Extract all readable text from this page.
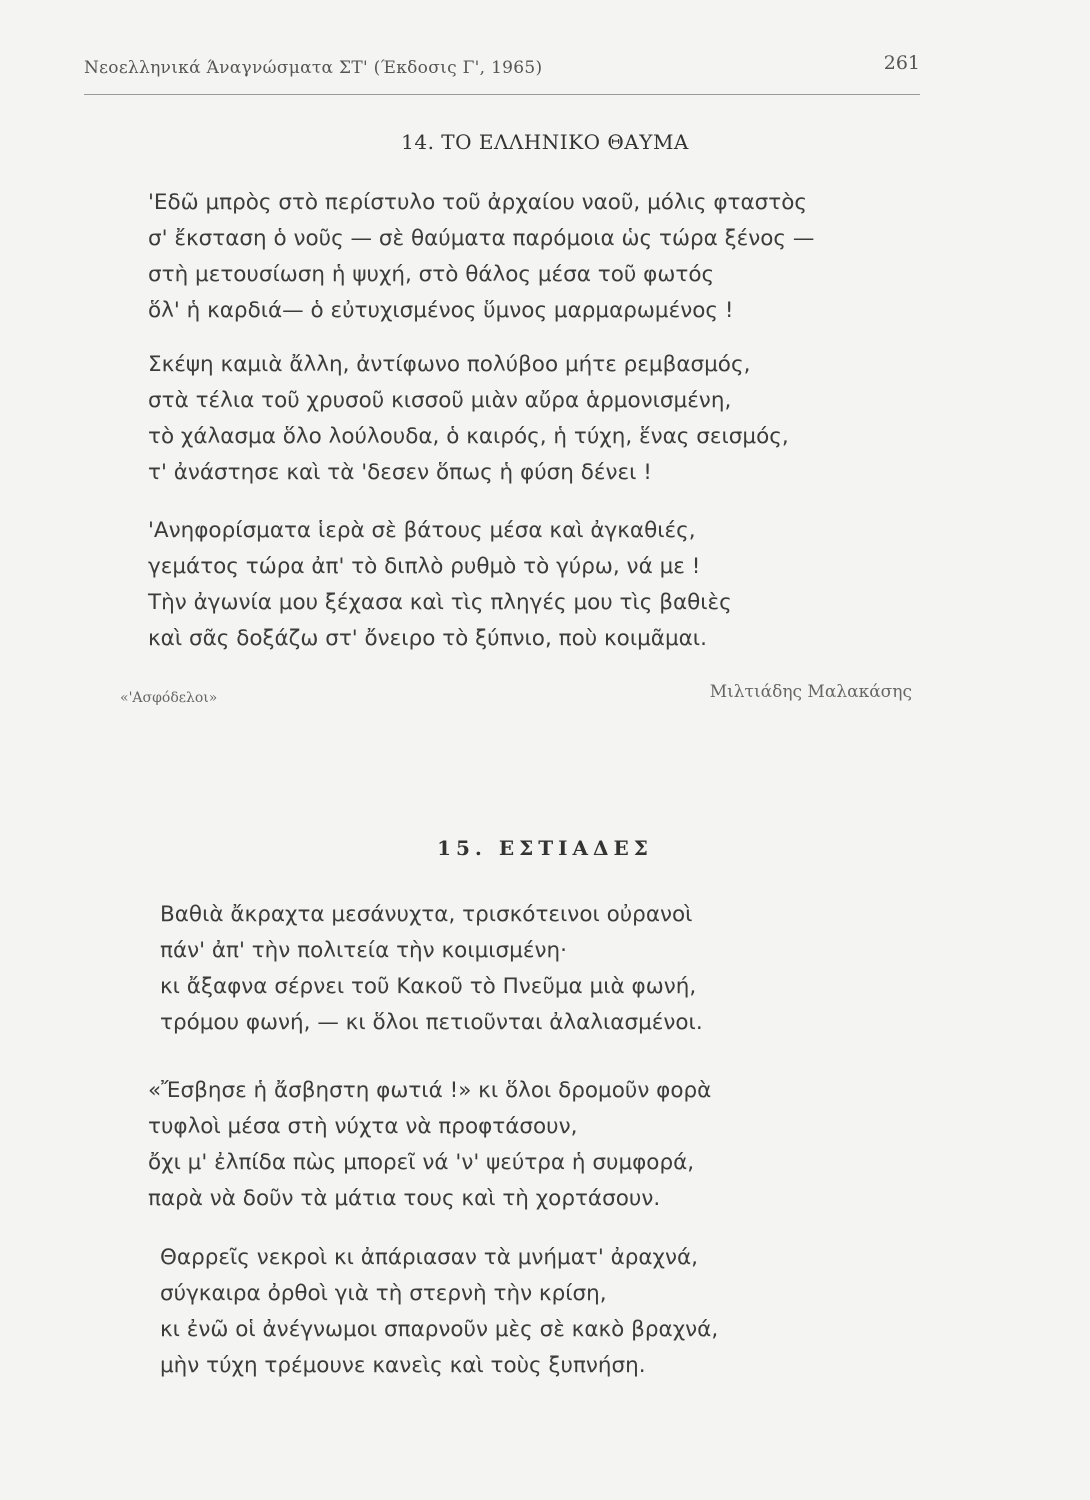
Νεοελληνικά Άναγνώσματα ΣΤ' (Έκδοσις Γ', 1965)	261
14. ΤΟ ΕΛΛΗΝΙΚΟ ΘΑΥΜΑ
'Εδῶ μπρὸς στὸ περίστυλο τοῦ ἀρχαίου ναοῦ, μόλις φταστὸς
σ' ἔκσταση ὁ νοῦς — σὲ θαύματα παρόμοια ὡς τώρα ξένος —
στὴ μετουσίωση ἡ ψυχή, στὸ θάλος μέσα τοῦ φωτός
ὅλ' ἡ καρδιά— ὁ εὐτυχισμένος ὕμνος μαρμαρωμένος !
Σκέψη καμιὰ ἄλλη, ἀντίφωνο πολύβοο μήτε ρεμβασμός,
στὰ τέλια τοῦ χρυσοῦ κισσοῦ μιὰν αὔρα ἁρμονισμένη,
τὸ χάλασμα ὅλο λούλουδα, ὁ καιρός, ἡ τύχη, ἕνας σεισμός,
τ' ἀνάστησε καὶ τὰ 'δεσεν ὅπως ἡ φύση δένει !
'Ανηφορίσματα ἱερὰ σὲ βάτους μέσα καὶ ἀγκαθιές,
γεμάτος τώρα ἀπ' τὸ διπλὸ ρυθμὸ τὸ γύρω, νά με !
Τὴν ἀγωνία μου ξέχασα καὶ τὶς πληγές μου τὶς βαθιὲς
καὶ σᾶς δοξάζω στ' ὄνειρο τὸ ξύπνιο, ποὺ κοιμᾶμαι.
«'Ασφόδελοι»	Μιλτιάδης Μαλακάσης
15. ΕΣΤΙΑΔΕΣ
Βαθιὰ ἄκραχτα μεσάνυχτα, τρισκότεινοι οὐρανοὶ
πάν' ἀπ' τὴν πολιτεία τὴν κοιμισμένη·
κι ἄξαφνα σέρνει τοῦ Κακοῦ τὸ Πνεῦμα μιὰ φωνή,
τρόμου φωνή, — κι ὅλοι πετιοῦνται ἀλαλιασμένοι.
«Ἔσβησε ἡ ἄσβηστη φωτιά !» κι ὅλοι δρομοῦν φορὰ
τυφλοὶ μέσα στὴ νύχτα νὰ προφτάσουν,
ὄχι μ' ἐλπίδα πὼς μπορεῖ νά 'ν' ψεύτρα ἡ συμφορά,
παρὰ νὰ δοῦν τὰ μάτια τους καὶ τὴ χορτάσουν.
Θαρρεῖς νεκροὶ κι ἀπάριασαν τὰ μνήματ' ἀραχνά,
σύγκαιρα ὀρθοὶ γιὰ τὴ στερνὴ τὴν κρίση,
κι ἐνῶ οἱ ἀνέγνωμοι σπαρνοῦν μὲς σὲ κακὸ βραχνά,
μὴν τύχη τρέμουνε κανεὶς καὶ τοὺς ξυπνήση.
